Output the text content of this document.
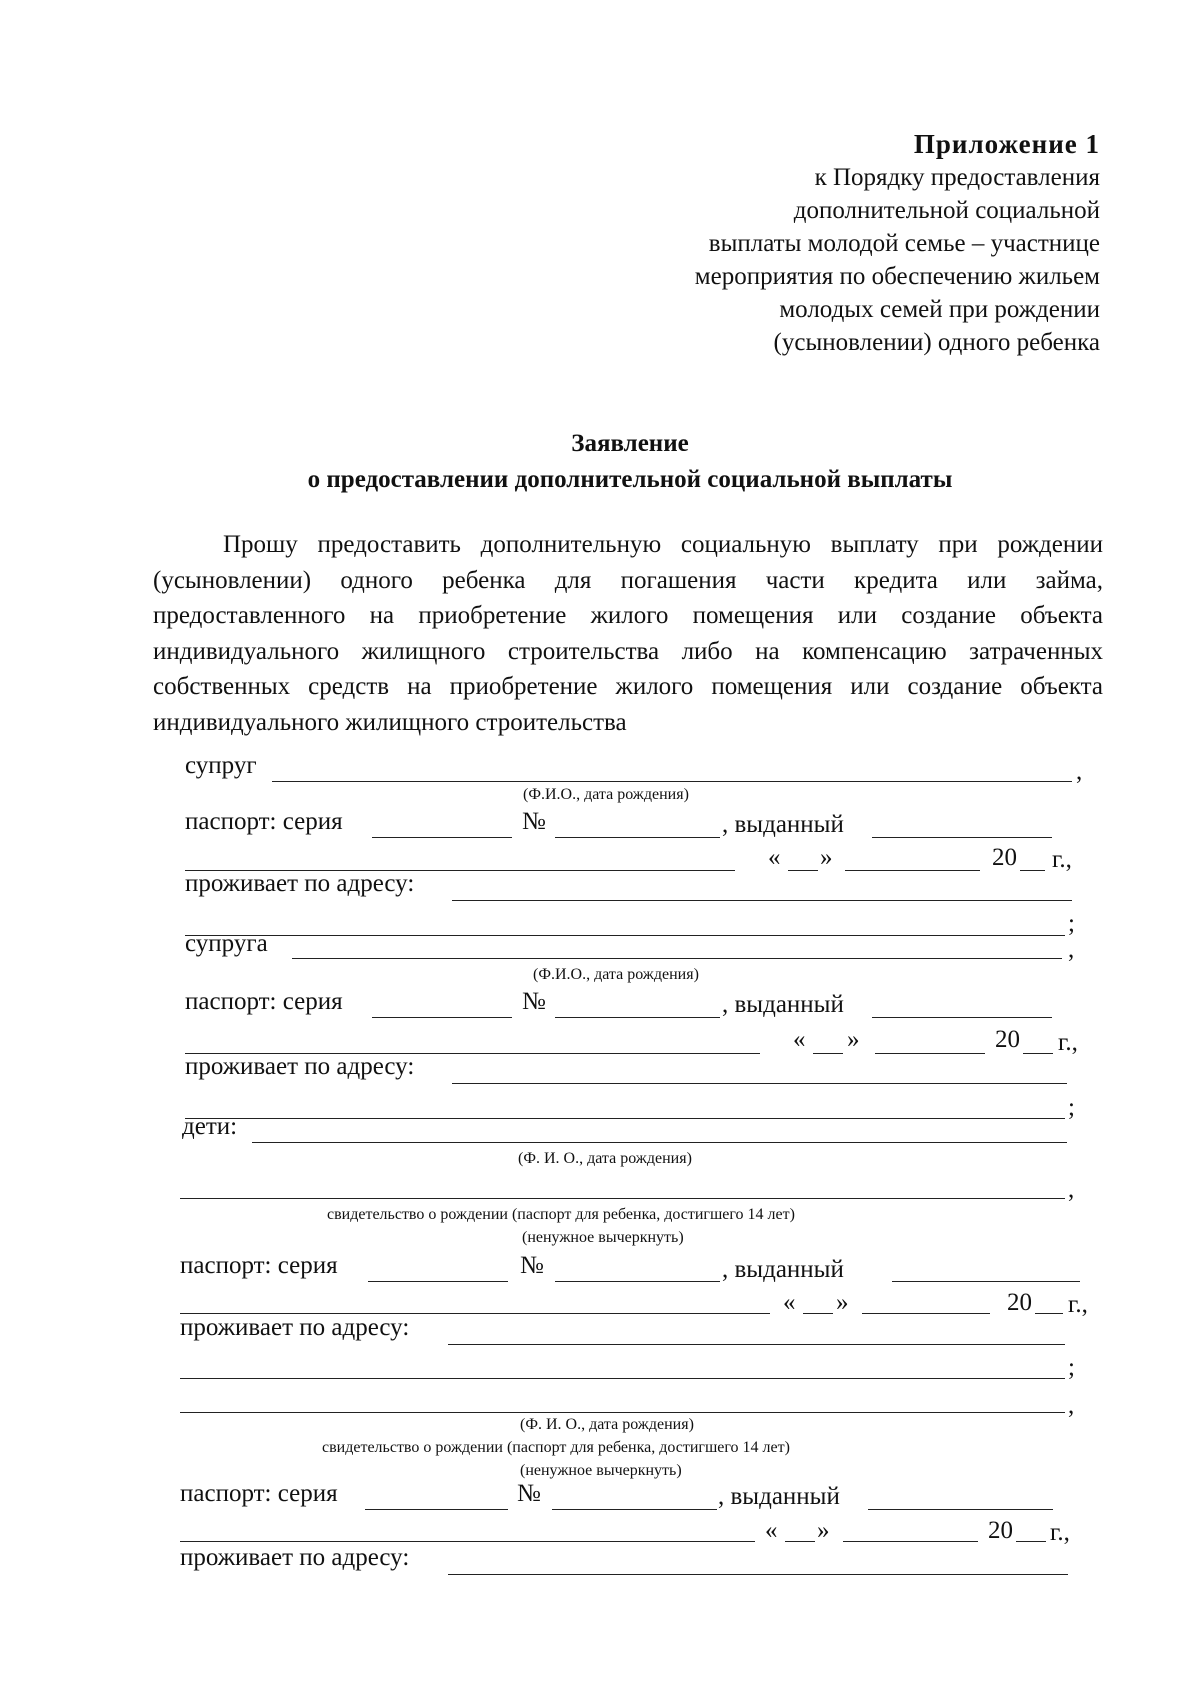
Приложение 1
к Порядку предоставления
дополнительной социальной
выплаты молодой семье – участнице
мероприятия по обеспечению жильем
молодых семей при рождении
(усыновлении) одного ребенка
Заявление
о предоставлении дополнительной социальной выплаты
Прошу предоставить дополнительную социальную выплату при рождении (усыновлении) одного ребенка для погашения части кредита или займа, предоставленного на приобретение жилого помещения или создание объекта индивидуального жилищного строительства либо на компенсацию затраченных собственных средств на приобретение жилого помещения или создание объекта индивидуального жилищного строительства
супруг	,
(Ф.И.О., дата рождения)
паспорт: серия	№	, выданный
« »	20 г.,
проживает по адресу:
;
супруга	,
(Ф.И.О., дата рождения)
паспорт: серия	№	, выданный
« »	20 г.,
проживает по адресу:
;
дети:
(Ф. И. О., дата рождения)
,
свидетельство о рождении (паспорт для ребенка, достигшего 14 лет)
(ненужное вычеркнуть)
паспорт: серия	№	, выданный
« »	20 г.,
проживает по адресу:
;
,
(Ф. И. О., дата рождения)
свидетельство о рождении (паспорт для ребенка, достигшего 14 лет)
(ненужное вычеркнуть)
паспорт: серия	№	, выданный
« »	20 г.,
проживает по адресу:
